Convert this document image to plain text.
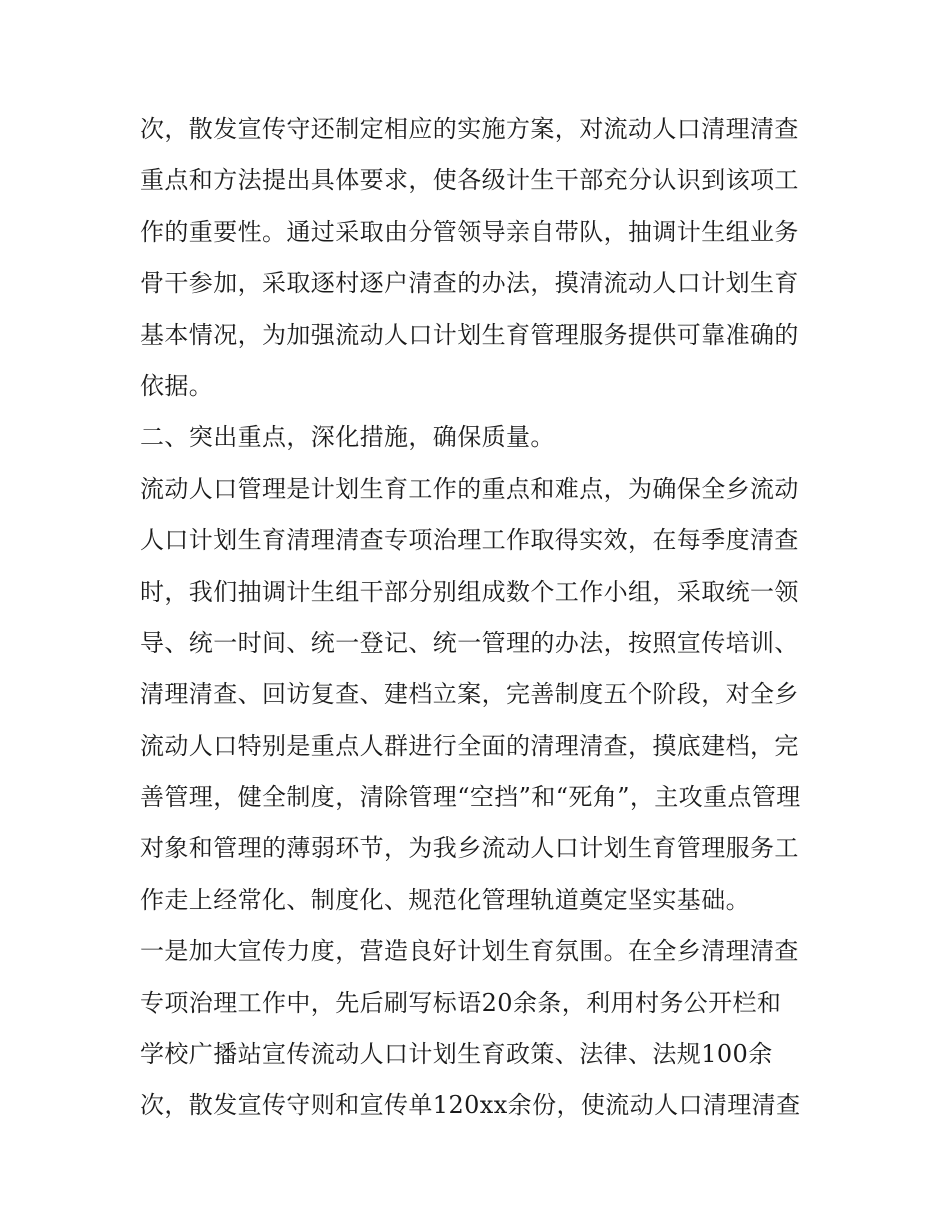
次，散发宣传守还制定相应的实施方案，对流动人口清理清查
重点和方法提出具体要求，使各级计生干部充分认识到该项工
作的重要性。通过采取由分管领导亲自带队，抽调计生组业务
骨干参加，采取逐村逐户清查的办法，摸清流动人口计划生育
基本情况，为加强流动人口计划生育管理服务提供可靠准确的
依据。
二、突出重点，深化措施，确保质量。
流动人口管理是计划生育工作的重点和难点，为确保全乡流动
人口计划生育清理清查专项治理工作取得实效，在每季度清查
时，我们抽调计生组干部分别组成数个工作小组，采取统一领
导、统一时间、统一登记、统一管理的办法，按照宣传培训、
清理清查、回访复查、建档立案，完善制度五个阶段，对全乡
流动人口特别是重点人群进行全面的清理清查，摸底建档，完
善管理，健全制度，清除管理“空挡”和“死角”，主攻重点管理
对象和管理的薄弱环节，为我乡流动人口计划生育管理服务工
作走上经常化、制度化、规范化管理轨道奠定坚实基础。
一是加大宣传力度，营造良好计划生育氛围。在全乡清理清查
专项治理工作中，先后刷写标语20余条，利用村务公开栏和
学校广播站宣传流动人口计划生育政策、法律、法规100余
次，散发宣传守则和宣传单120xx余份，使流动人口清理清查
